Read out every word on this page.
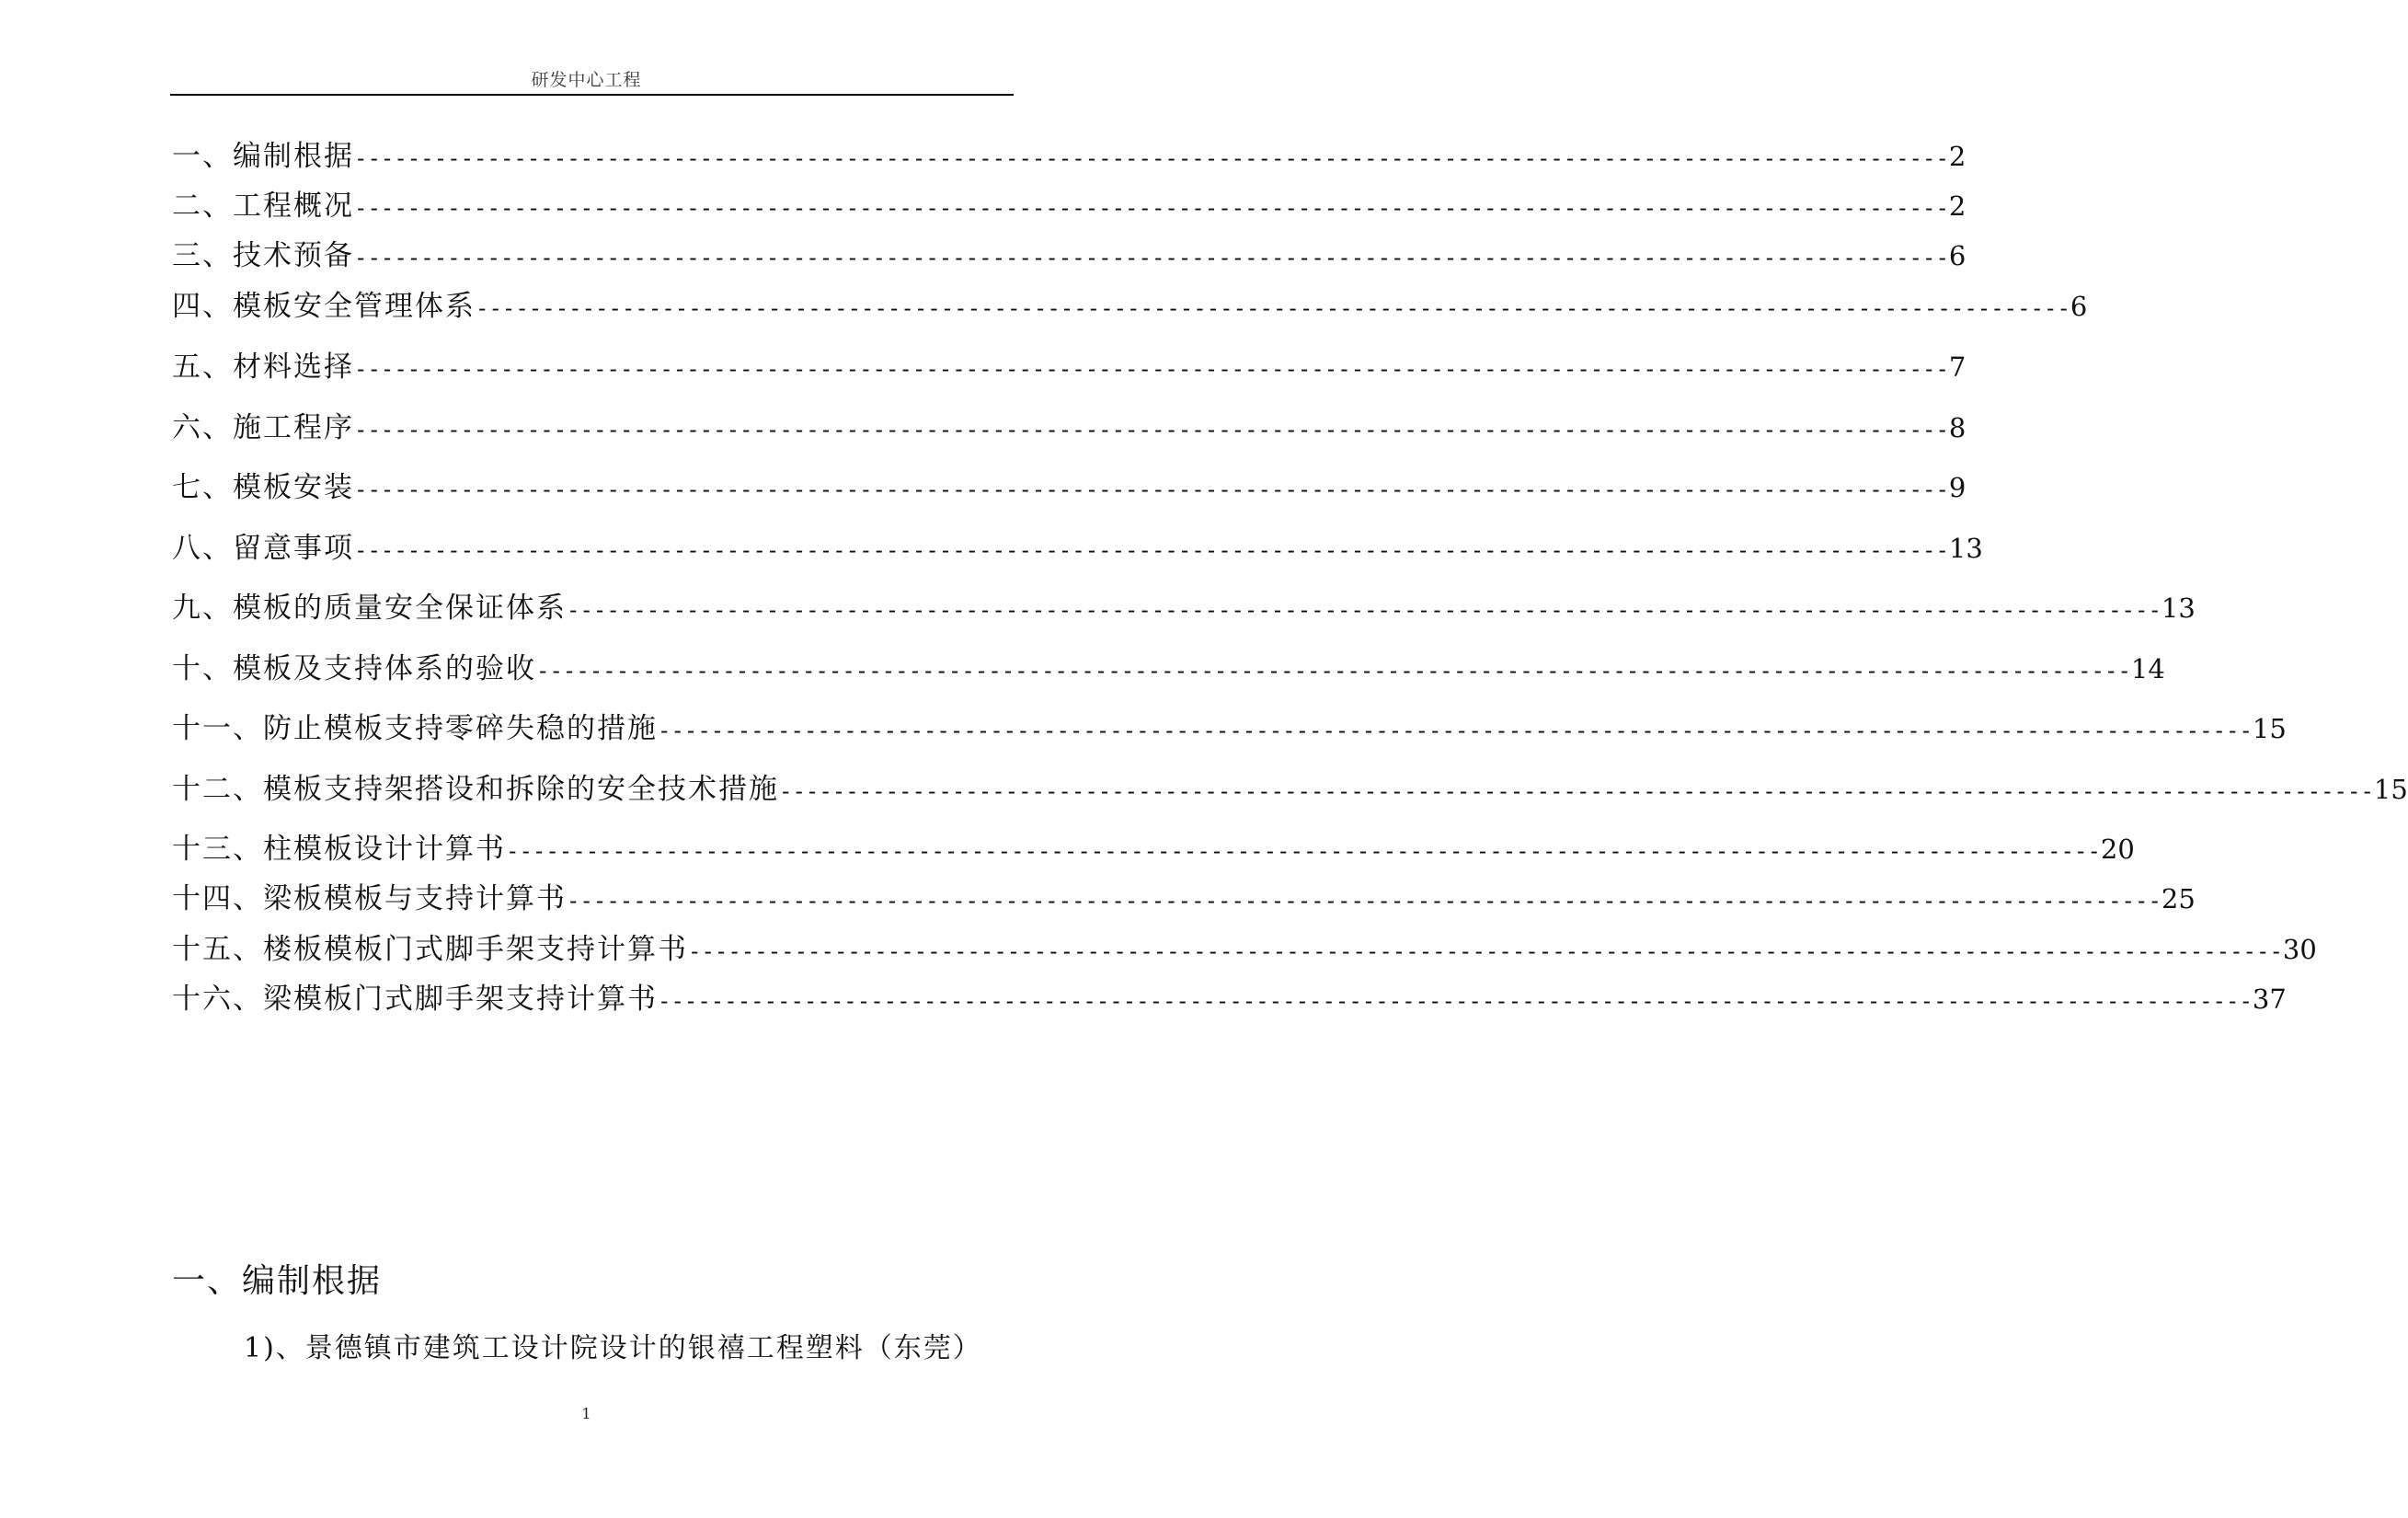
研发中心工程
一、编制根据 ------------------------------------------------------------------------------------------------------------------------ 2
二、工程概况 ------------------------------------------------------------------------------------------------------------------------ 2
三、技术预备 ------------------------------------------------------------------------------------------------------------------------ 6
四、模板安全管理体系 ------------------------------------------------------------------------------------------------------------------------ 6
五、材料选择 ------------------------------------------------------------------------------------------------------------------------ 7
六、施工程序 ------------------------------------------------------------------------------------------------------------------------ 8
七、模板安装 ------------------------------------------------------------------------------------------------------------------------ 9
八、留意事项 ------------------------------------------------------------------------------------------------------------------------ 13
九、模板的质量安全保证体系 ------------------------------------------------------------------------------------------------------------------------ 13
十、模板及支持体系的验收 ------------------------------------------------------------------------------------------------------------------------ 14
十一、防止模板支持零碎失稳的措施 ------------------------------------------------------------------------------------------------------------------------ 15
十二、模板支持架搭设和拆除的安全技术措施 ------------------------------------------------------------------------------------------------------------------------ 15
十三、柱模板设计计算书 ------------------------------------------------------------------------------------------------------------------------ 20
十四、梁板模板与支持计算书 ------------------------------------------------------------------------------------------------------------------------ 25
十五、楼板模板门式脚手架支持计算书 ------------------------------------------------------------------------------------------------------------------------ 30
十六、梁模板门式脚手架支持计算书 ------------------------------------------------------------------------------------------------------------------------ 37
一、编制根据

1)、景德镇市建筑工设计院设计的银禧工程塑料（东莞）

1
